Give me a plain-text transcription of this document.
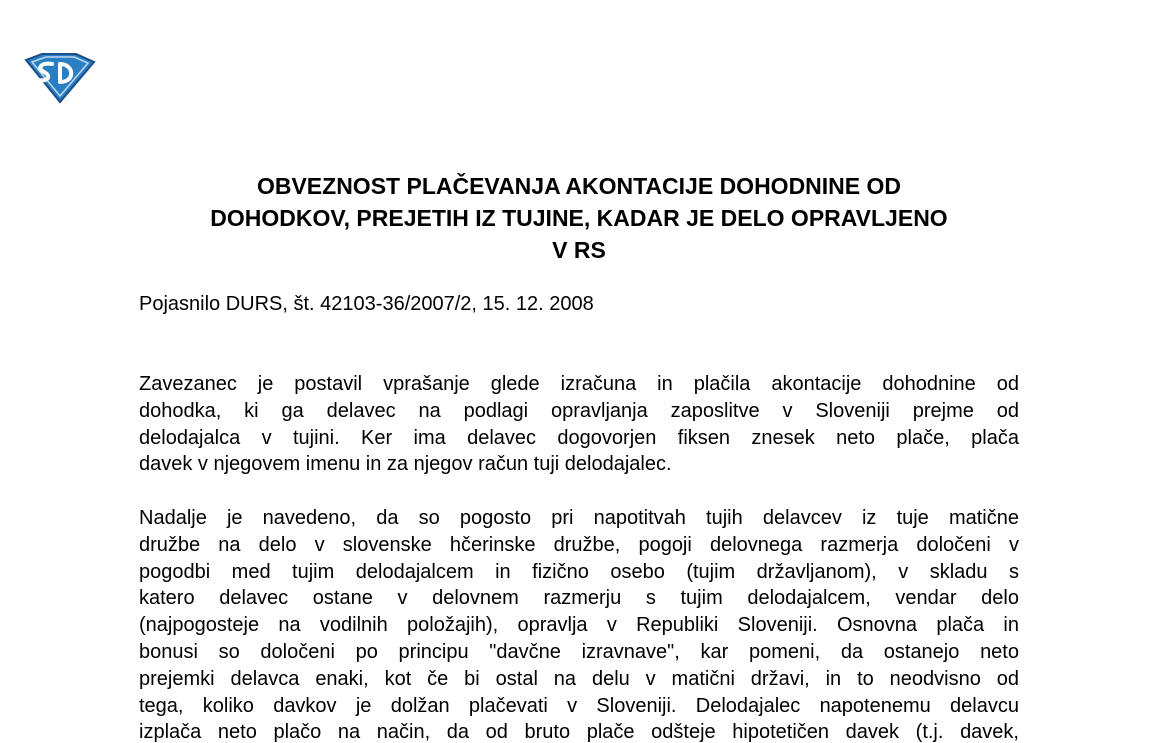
OBVEZNOST PLAČEVANJA AKONTACIJE DOHODNINE OD
DOHODKOV, PREJETIH IZ TUJINE, KADAR JE DELO OPRAVLJENO
V RS

Pojasnilo DURS, št. 42103-36/2007/2, 15. 12. 2008

Zavezanec je postavil vprašanje glede izračuna in plačila akontacije dohodnine od
dohodka, ki ga delavec na podlagi opravljanja zaposlitve v Sloveniji prejme od
delodajalca v tujini. Ker ima delavec dogovorjen fiksen znesek neto plače, plača
davek v njegovem imenu in za njegov račun tuji delodajalec.

Nadalje je navedeno, da so pogosto pri napotitvah tujih delavcev iz tuje matične
družbe na delo v slovenske hčerinske družbe, pogoji delovnega razmerja določeni v
pogodbi med tujim delodajalcem in fizično osebo (tujim državljanom), v skladu s
katero delavec ostane v delovnem razmerju s tujim delodajalcem, vendar delo
(najpogosteje na vodilnih položajih), opravlja v Republiki Sloveniji. Osnovna plača in
bonusi so določeni po principu "davčne izravnave", kar pomeni, da ostanejo neto
prejemki delavca enaki, kot če bi ostal na delu v matični državi, in to neodvisno od
tega, koliko davkov je dolžan plačevati v Sloveniji. Delodajalec napotenemu delavcu
izplača neto plačo na način, da od bruto plače odšteje hipotetičen davek (t.j. davek,
